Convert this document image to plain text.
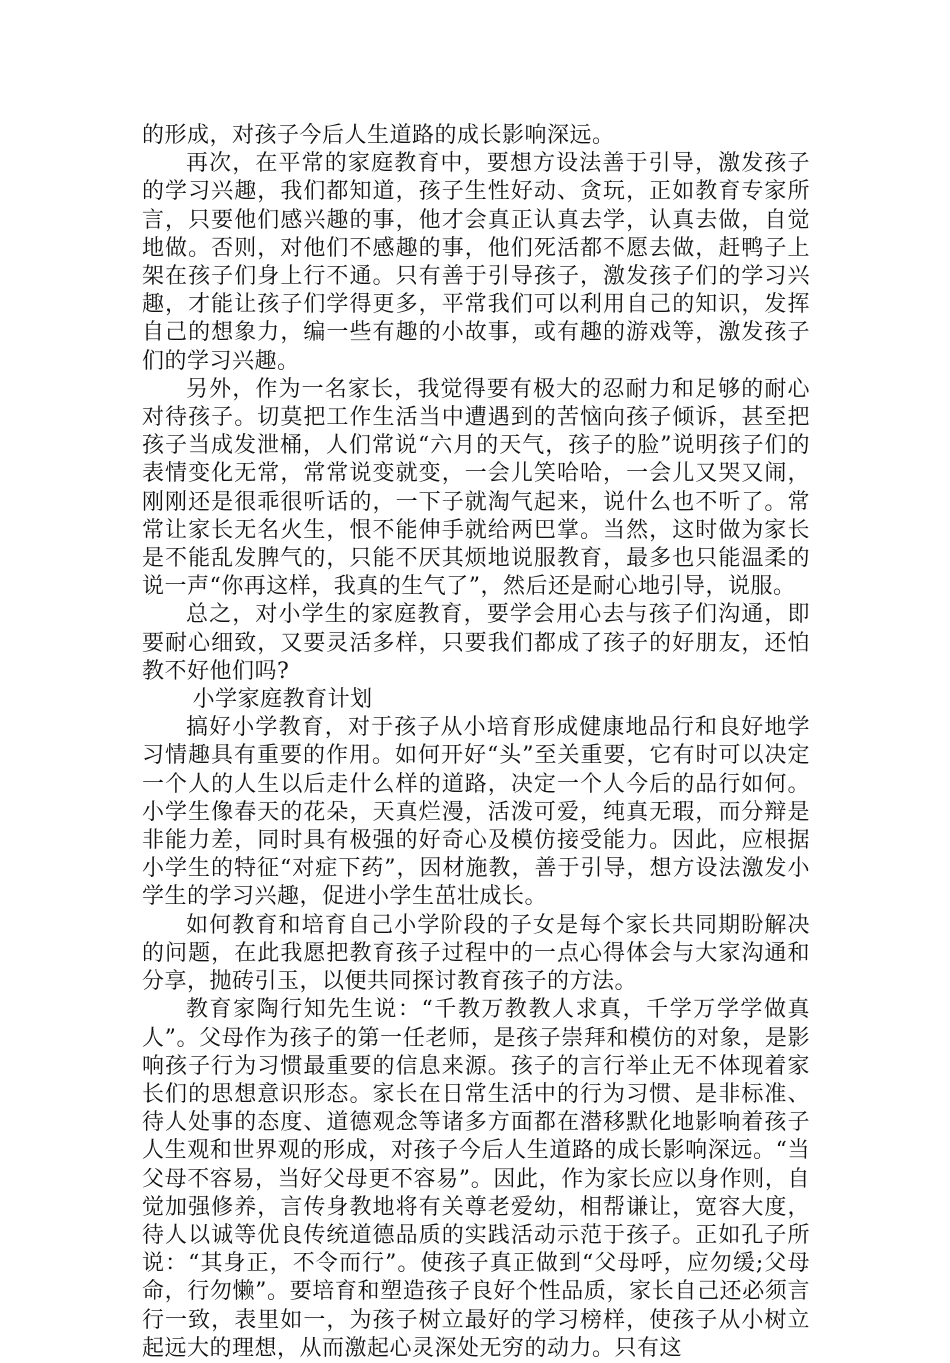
的形成，对孩子今后人生道路的成长影响深远。

再次，在平常的家庭教育中，要想方设法善于引导，激发孩子的学习兴趣，我们都知道，孩子生性好动、贪玩，正如教育专家所言，只要他们感兴趣的事，他才会真正认真去学，认真去做，自觉地做。否则，对他们不感趣的事，他们死活都不愿去做，赶鸭子上架在孩子们身上行不通。只有善于引导孩子，激发孩子们的学习兴趣，才能让孩子们学得更多，平常我们可以利用自己的知识，发挥自己的想象力，编一些有趣的小故事，或有趣的游戏等，激发孩子们的学习兴趣。

另外，作为一名家长，我觉得要有极大的忍耐力和足够的耐心对待孩子。切莫把工作生活当中遭遇到的苦恼向孩子倾诉，甚至把孩子当成发泄桶，人们常说“六月的天气，孩子的脸”说明孩子们的表情变化无常，常常说变就变，一会儿笑哈哈，一会儿又哭又闹，刚刚还是很乖很听话的，一下子就淘气起来，说什么也不听了。常常让家长无名火生，恨不能伸手就给两巴掌。当然，这时做为家长是不能乱发脾气的，只能不厌其烦地说服教育，最多也只能温柔的说一声“你再这样，我真的生气了”，然后还是耐心地引导，说服。

总之，对小学生的家庭教育，要学会用心去与孩子们沟通，即要耐心细致，又要灵活多样，只要我们都成了孩子的好朋友，还怕教不好他们吗?

小学家庭教育计划

搞好小学教育，对于孩子从小培育形成健康地品行和良好地学习情趣具有重要的作用。如何开好“头”至关重要，它有时可以决定一个人的人生以后走什么样的道路，决定一个人今后的品行如何。小学生像春天的花朵，天真烂漫，活泼可爱，纯真无瑕，而分辩是非能力差，同时具有极强的好奇心及模仿接受能力。因此，应根据小学生的特征“对症下药”，因材施教，善于引导，想方设法激发小学生的学习兴趣，促进小学生茁壮成长。

如何教育和培育自己小学阶段的子女是每个家长共同期盼解决的问题，在此我愿把教育孩子过程中的一点心得体会与大家沟通和分享，抛砖引玉，以便共同探讨教育孩子的方法。

教育家陶行知先生说：“千教万教教人求真，千学万学学做真人”。父母作为孩子的第一任老师，是孩子崇拜和模仿的对象，是影响孩子行为习惯最重要的信息来源。孩子的言行举止无不体现着家长们的思想意识形态。家长在日常生活中的行为习惯、是非标准、待人处事的态度、道德观念等诸多方面都在潜移默化地影响着孩子人生观和世界观的形成，对孩子今后人生道路的成长影响深远。“当父母不容易，当好父母更不容易”。因此，作为家长应以身作则，自觉加强修养，言传身教地将有关尊老爱幼，相帮谦让，宽容大度，待人以诚等优良传统道德品质的实践活动示范于孩子。正如孔子所说：“其身正，不令而行”。使孩子真正做到“父母呼，应勿缓;父母命，行勿懒”。要培育和塑造孩子良好个性品质，家长自己还必须言行一致，表里如一，为孩子树立最好的学习榜样，使孩子从小树立起远大的理想，从而激起心灵深处无穷的动力。只有这
